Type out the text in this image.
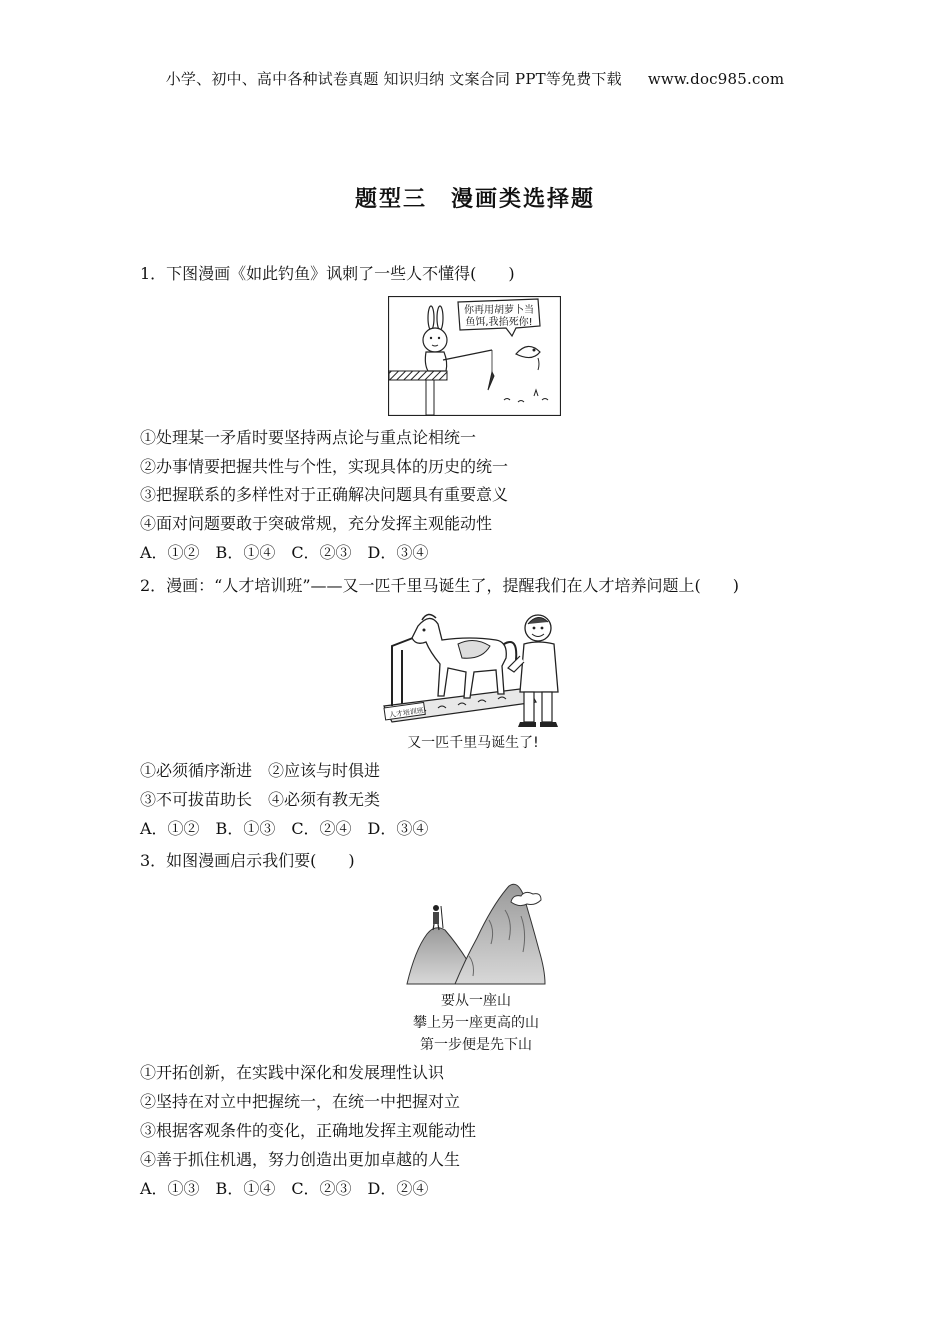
小学、初中、高中各种试卷真题 知识归纳 文案合同 PPT等免费下载 www.doc985.com
题型三　漫画类选择题
1．下图漫画《如此钓鱼》讽刺了一些人不懂得(　　)
你再用胡萝卜当
鱼饵,我掐死你!
①处理某一矛盾时要坚持两点论与重点论相统一
②办事情要把握共性与个性，实现具体的历史的统一
③把握联系的多样性对于正确解决问题具有重要意义
④面对问题要敢于突破常规，充分发挥主观能动性
A．①②　B．①④　C．②③　D．③④
2．漫画：“人才培训班”——又一匹千里马诞生了，提醒我们在人才培养问题上(　　)
人才培训班
又一匹千里马诞生了!
①必须循序渐进　②应该与时俱进
③不可拔苗助长　④必须有教无类
A．①②　B．①③　C．②④　D．③④
3．如图漫画启示我们要(　　)
要从一座山
攀上另一座更高的山
第一步便是先下山
①开拓创新，在实践中深化和发展理性认识
②坚持在对立中把握统一，在统一中把握对立
③根据客观条件的变化，正确地发挥主观能动性
④善于抓住机遇，努力创造出更加卓越的人生
A．①③　B．①④　C．②③　D．②④
